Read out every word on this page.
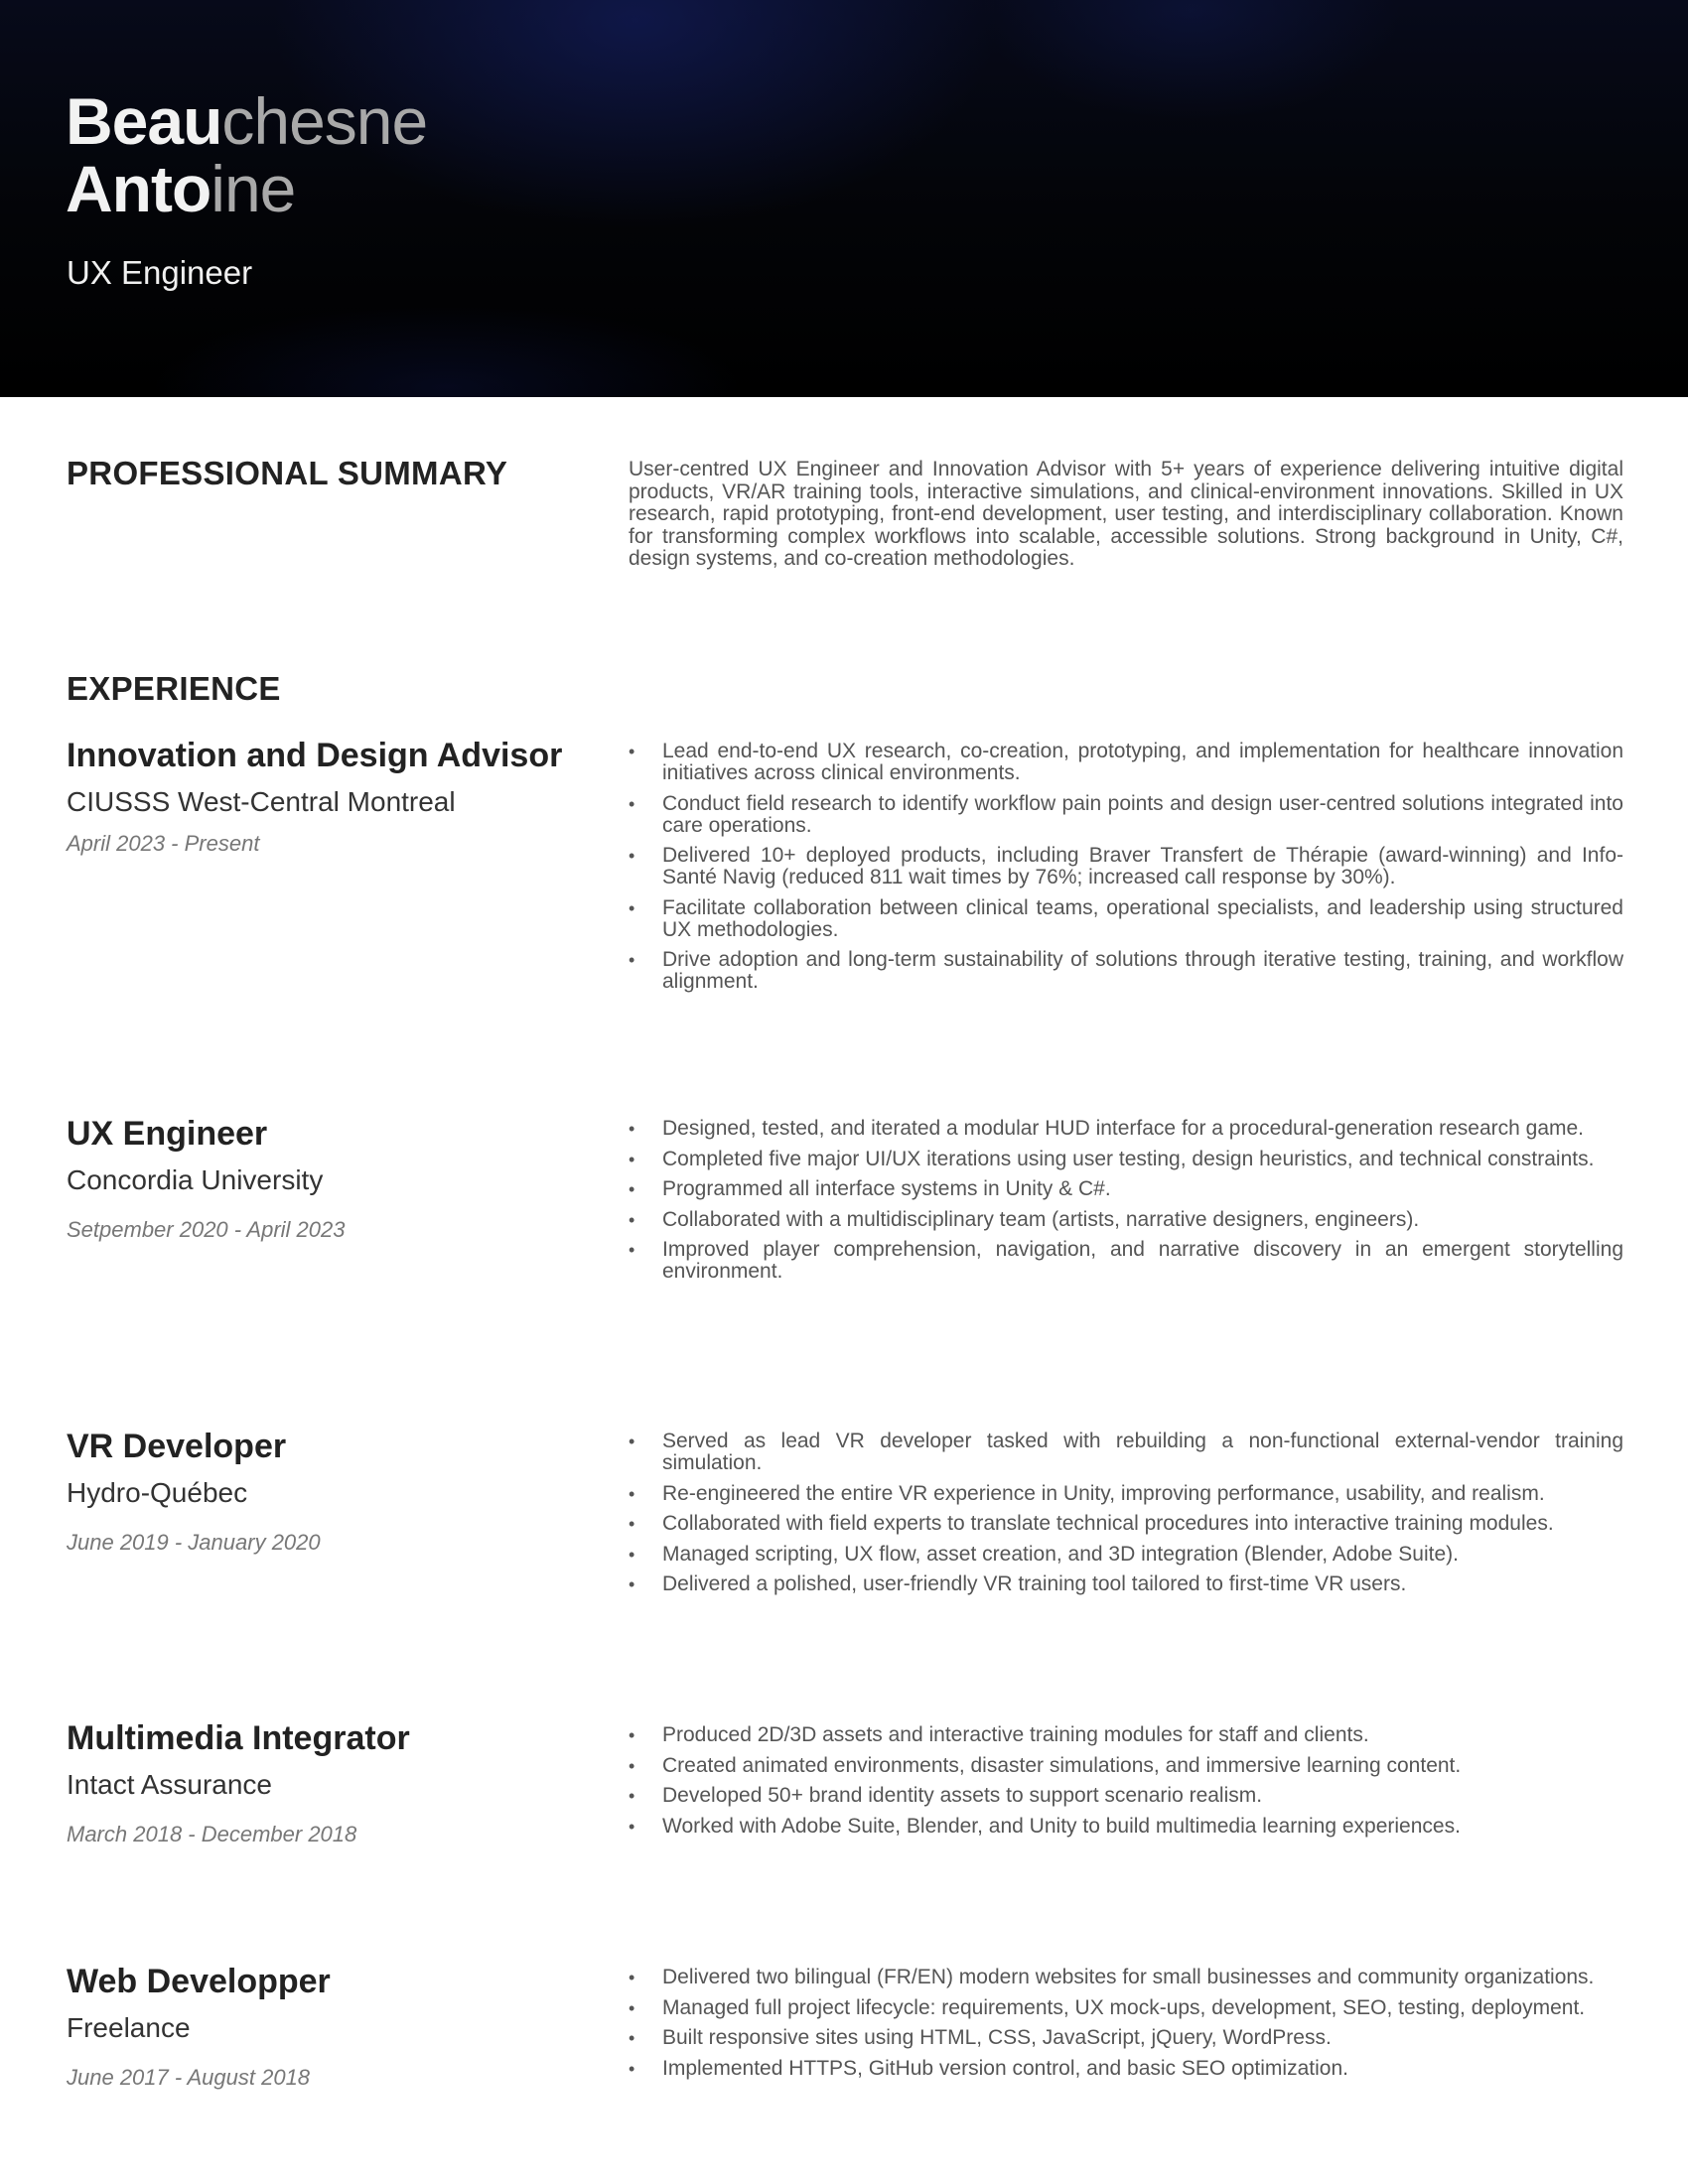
Beauchesne
Antoine
UX Engineer
PROFESSIONAL SUMMARY	User-centred UX Engineer and Innovation Advisor with 5+ years of experience delivering intuitive digital products, VR/AR training tools, interactive simulations, and clinical-environment innovations. Skilled in UX research, rapid prototyping, front-end development, user testing, and interdisciplinary collaboration. Known for transforming complex workflows into scalable, accessible solutions. Strong background in Unity, C#, design systems, and co-creation methodologies.

EXPERIENCE
Innovation and Design Advisor
CIUSSS West-Central Montreal
April 2023 - Present
• Lead end-to-end UX research, co-creation, prototyping, and implementation for healthcare innovation initiatives across clinical environments.
• Conduct field research to identify workflow pain points and design user-centred solutions integrated into care operations.
• Delivered 10+ deployed products, including Braver Transfert de Thérapie (award-winning) and Info-Santé Navig (reduced 811 wait times by 76%; increased call response by 30%).
• Facilitate collaboration between clinical teams, operational specialists, and leadership using structured UX methodologies.
• Drive adoption and long-term sustainability of solutions through iterative testing, training, and workflow alignment.
UX Engineer
Concordia University
Setpember 2020 - April 2023
• Designed, tested, and iterated a modular HUD interface for a procedural-generation research game.
• Completed five major UI/UX iterations using user testing, design heuristics, and technical constraints.
• Programmed all interface systems in Unity & C#.
• Collaborated with a multidisciplinary team (artists, narrative designers, engineers).
• Improved player comprehension, navigation, and narrative discovery in an emergent storytelling environment.
VR Developer
Hydro-Québec
June 2019 - January 2020
• Served as lead VR developer tasked with rebuilding a non-functional external-vendor training simulation.
• Re-engineered the entire VR experience in Unity, improving performance, usability, and realism.
• Collaborated with field experts to translate technical procedures into interactive training modules.
• Managed scripting, UX flow, asset creation, and 3D integration (Blender, Adobe Suite).
• Delivered a polished, user-friendly VR training tool tailored to first-time VR users.
Multimedia Integrator
Intact Assurance
March 2018 - December 2018
• Produced 2D/3D assets and interactive training modules for staff and clients.
• Created animated environments, disaster simulations, and immersive learning content.
• Developed 50+ brand identity assets to support scenario realism.
• Worked with Adobe Suite, Blender, and Unity to build multimedia learning experiences.
Web Developper
Freelance
June 2017 - August 2018
• Delivered two bilingual (FR/EN) modern websites for small businesses and community organizations.
• Managed full project lifecycle: requirements, UX mock-ups, development, SEO, testing, deployment.
• Built responsive sites using HTML, CSS, JavaScript, jQuery, WordPress.
• Implemented HTTPS, GitHub version control, and basic SEO optimization.
